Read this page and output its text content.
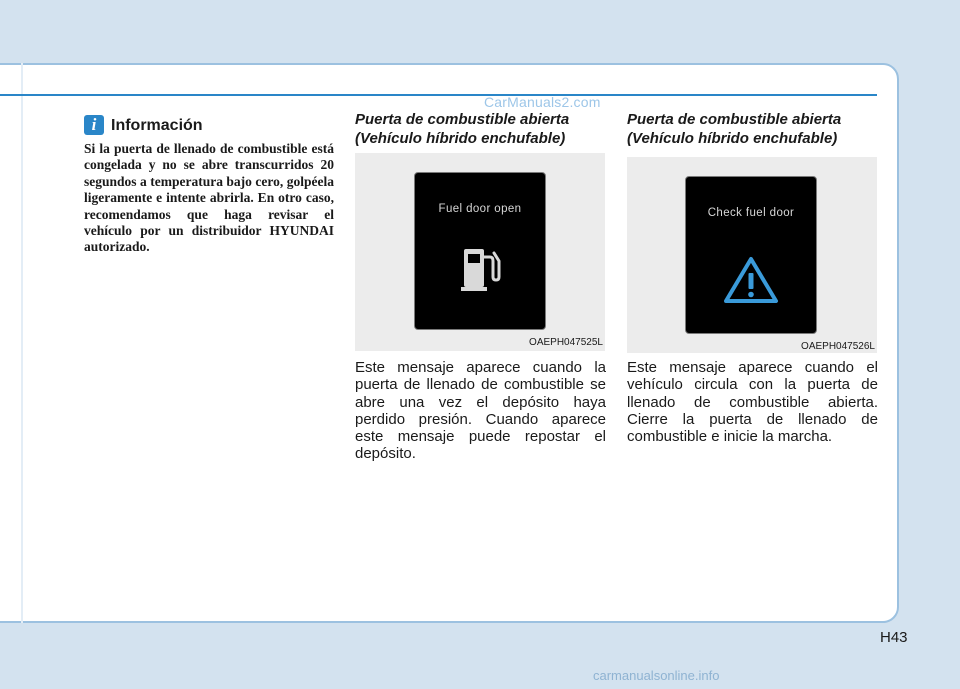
CarManuals2.com
i Información
Si la puerta de llenado de combustible está congelada y no se abre transcurridos 20 segundos a temperatura bajo cero, golpéela ligeramente e intente abrirla. En otro caso, recomendamos que haga revisar el vehículo por un distribuidor HYUNDAI autorizado.
Puerta de combustible abierta
(Vehículo híbrido enchufable)
Fuel door open
OAEPH047525L
Este mensaje aparece cuando la puerta de llenado de combustible se abre una vez el depósito haya perdido presión. Cuando aparece este mensaje puede repostar el depósito.
Puerta de combustible abierta
(Vehículo híbrido enchufable)
Check fuel door
OAEPH047526L
Este mensaje aparece cuando el vehículo circula con la puerta de llenado de combustible abierta. Cierre la puerta de llenado de combustible e inicie la marcha.
H43
carmanualsonline.info
